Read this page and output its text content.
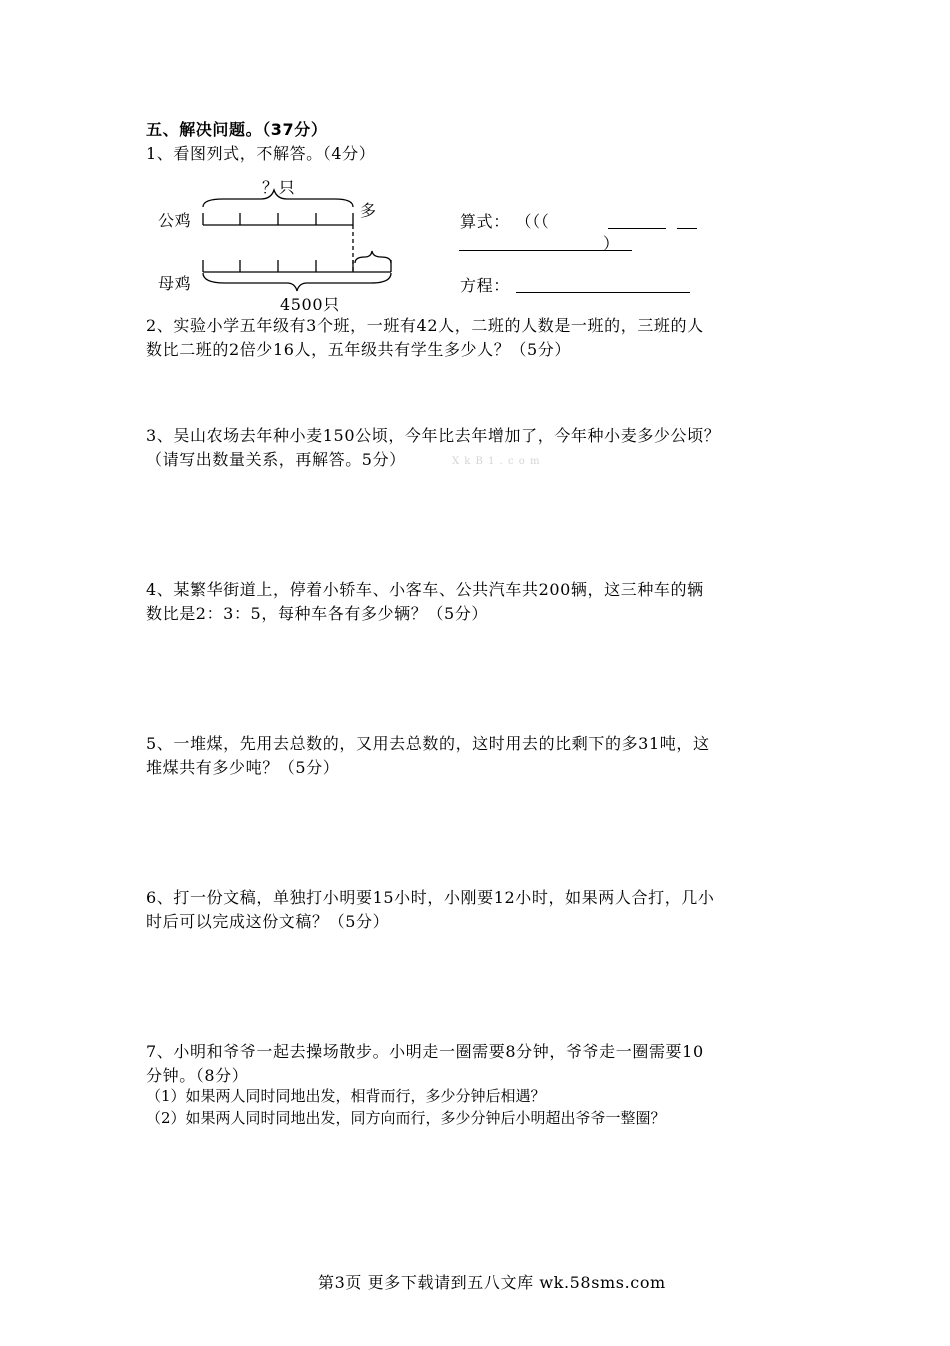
五、解决问题。（37分）
1、看图列式，不解答。（4分）
？只
公鸡
多
母鸡
4500只
算式： （（（
）
方程：
2、实验小学五年级有3个班，一班有42人，二班的人数是一班的，三班的人
数比二班的2倍少16人，五年级共有学生多少人？（5分）
3、吴山农场去年种小麦150公顷，今年比去年增加了，今年种小麦多少公顷？
（请写出数量关系，再解答。5分）	X k B 1 . c o m
4、某繁华街道上，停着小轿车、小客车、公共汽车共200辆，这三种车的辆
数比是2：3：5，每种车各有多少辆？（5分）
5、一堆煤，先用去总数的，又用去总数的，这时用去的比剩下的多31吨，这
堆煤共有多少吨？（5分）
6、打一份文稿，单独打小明要15小时，小刚要12小时，如果两人合打，几小
时后可以完成这份文稿？（5分）
7、小明和爷爷一起去操场散步。小明走一圈需要8分钟，爷爷走一圈需要10
分钟。（8分）
（1）如果两人同时同地出发，相背而行，多少分钟后相遇？
（2）如果两人同时同地出发，同方向而行，多少分钟后小明超出爷爷一整圈？
第3页 更多下载请到五八文库 wk.58sms.com
